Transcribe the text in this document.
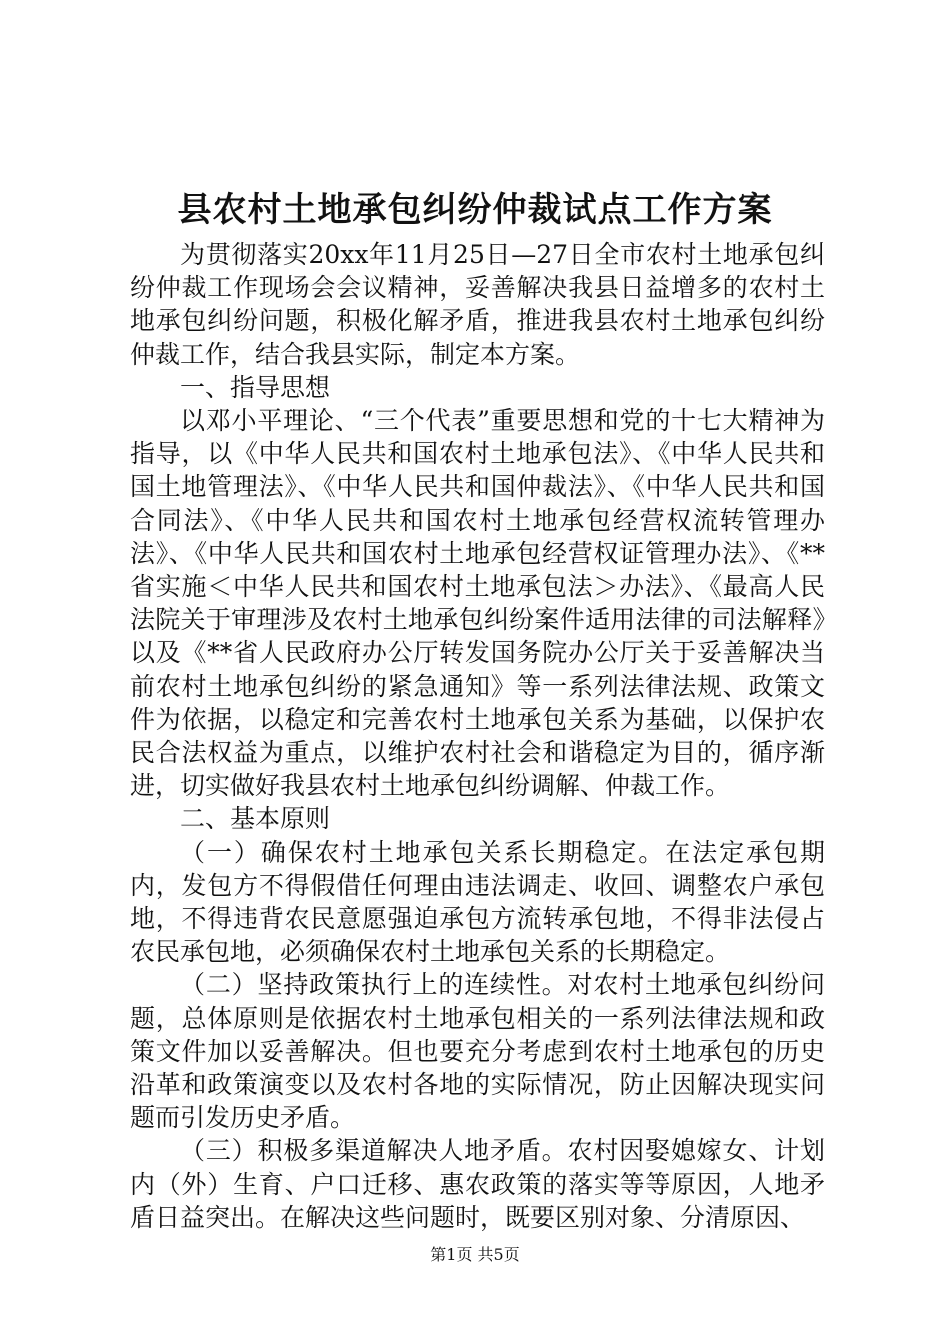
县农村土地承包纠纷仲裁试点工作方案

为贯彻落实20xx年11月25日—27日全市农村土地承包纠纷仲裁工作现场会会议精神，妥善解决我县日益增多的农村土地承包纠纷问题，积极化解矛盾，推进我县农村土地承包纠纷仲裁工作，结合我县实际，制定本方案。

一、指导思想

以邓小平理论、“三个代表”重要思想和党的十七大精神为指导，以《中华人民共和国农村土地承包法》、《中华人民共和国土地管理法》、《中华人民共和国仲裁法》、《中华人民共和国合同法》、《中华人民共和国农村土地承包经营权流转管理办法》、《中华人民共和国农村土地承包经营权证管理办法》、《**省实施＜中华人民共和国农村土地承包法＞办法》、《最高人民法院关于审理涉及农村土地承包纠纷案件适用法律的司法解释》以及《**省人民政府办公厅转发国务院办公厅关于妥善解决当前农村土地承包纠纷的紧急通知》等一系列法律法规、政策文件为依据，以稳定和完善农村土地承包关系为基础，以保护农民合法权益为重点，以维护农村社会和谐稳定为目的，循序渐进，切实做好我县农村土地承包纠纷调解、仲裁工作。

二、基本原则

（一）确保农村土地承包关系长期稳定。在法定承包期内，发包方不得假借任何理由违法调走、收回、调整农户承包地，不得违背农民意愿强迫承包方流转承包地，不得非法侵占农民承包地，必须确保农村土地承包关系的长期稳定。

（二）坚持政策执行上的连续性。对农村土地承包纠纷问题，总体原则是依据农村土地承包相关的一系列法律法规和政策文件加以妥善解决。但也要充分考虑到农村土地承包的历史沿革和政策演变以及农村各地的实际情况，防止因解决现实问题而引发历史矛盾。

（三）积极多渠道解决人地矛盾。农村因娶媳嫁女、计划内（外）生育、户口迁移、惠农政策的落实等等原因，人地矛盾日益突出。在解决这些问题时，既要区别对象、分清原因、

第1页 共5页
